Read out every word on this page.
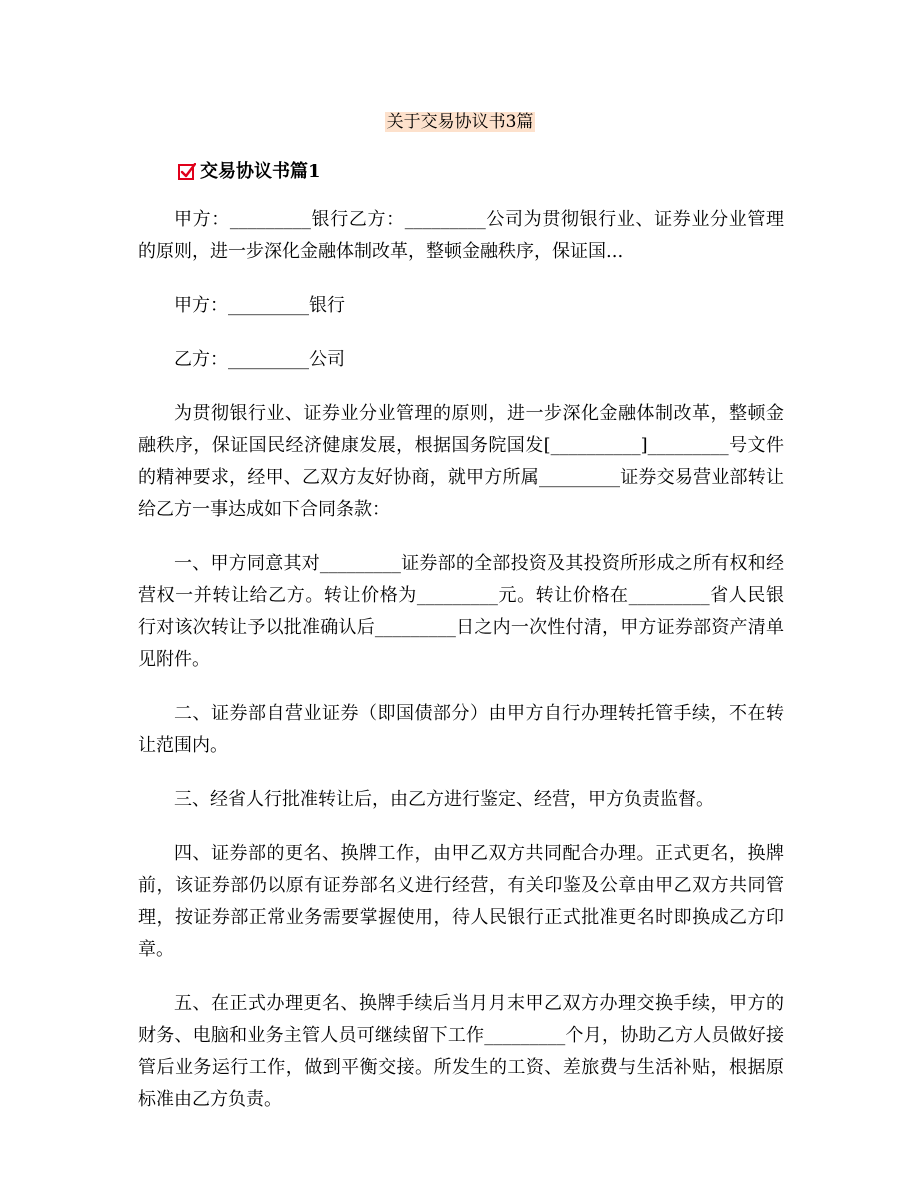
关于交易协议书3篇
交易协议书篇1

甲方：_________银行乙方：_________公司为贯彻银行业、证券业分业管理的原则，进一步深化金融体制改革，整顿金融秩序，保证国...

甲方：_________银行

乙方：_________公司

为贯彻银行业、证券业分业管理的原则，进一步深化金融体制改革，整顿金融秩序，保证国民经济健康发展，根据国务院国发[__________]_________号文件的精神要求，经甲、乙双方友好协商，就甲方所属_________证券交易营业部转让给乙方一事达成如下合同条款：

一、甲方同意其对_________证券部的全部投资及其投资所形成之所有权和经营权一并转让给乙方。转让价格为_________元。转让价格在_________省人民银行对该次转让予以批准确认后_________日之内一次性付清，甲方证券部资产清单见附件。

二、证券部自营业证券（即国债部分）由甲方自行办理转托管手续，不在转让范围内。

三、经省人行批准转让后，由乙方进行鉴定、经营，甲方负责监督。

四、证券部的更名、换牌工作，由甲乙双方共同配合办理。正式更名，换牌前，该证券部仍以原有证券部名义进行经营，有关印鉴及公章由甲乙双方共同管理，按证券部正常业务需要掌握使用，待人民银行正式批准更名时即换成乙方印章。

五、在正式办理更名、换牌手续后当月月末甲乙双方办理交换手续，甲方的财务、电脑和业务主管人员可继续留下工作_________个月，协助乙方人员做好接管后业务运行工作，做到平衡交接。所发生的工资、差旅费与生活补贴，根据原标准由乙方负责。
